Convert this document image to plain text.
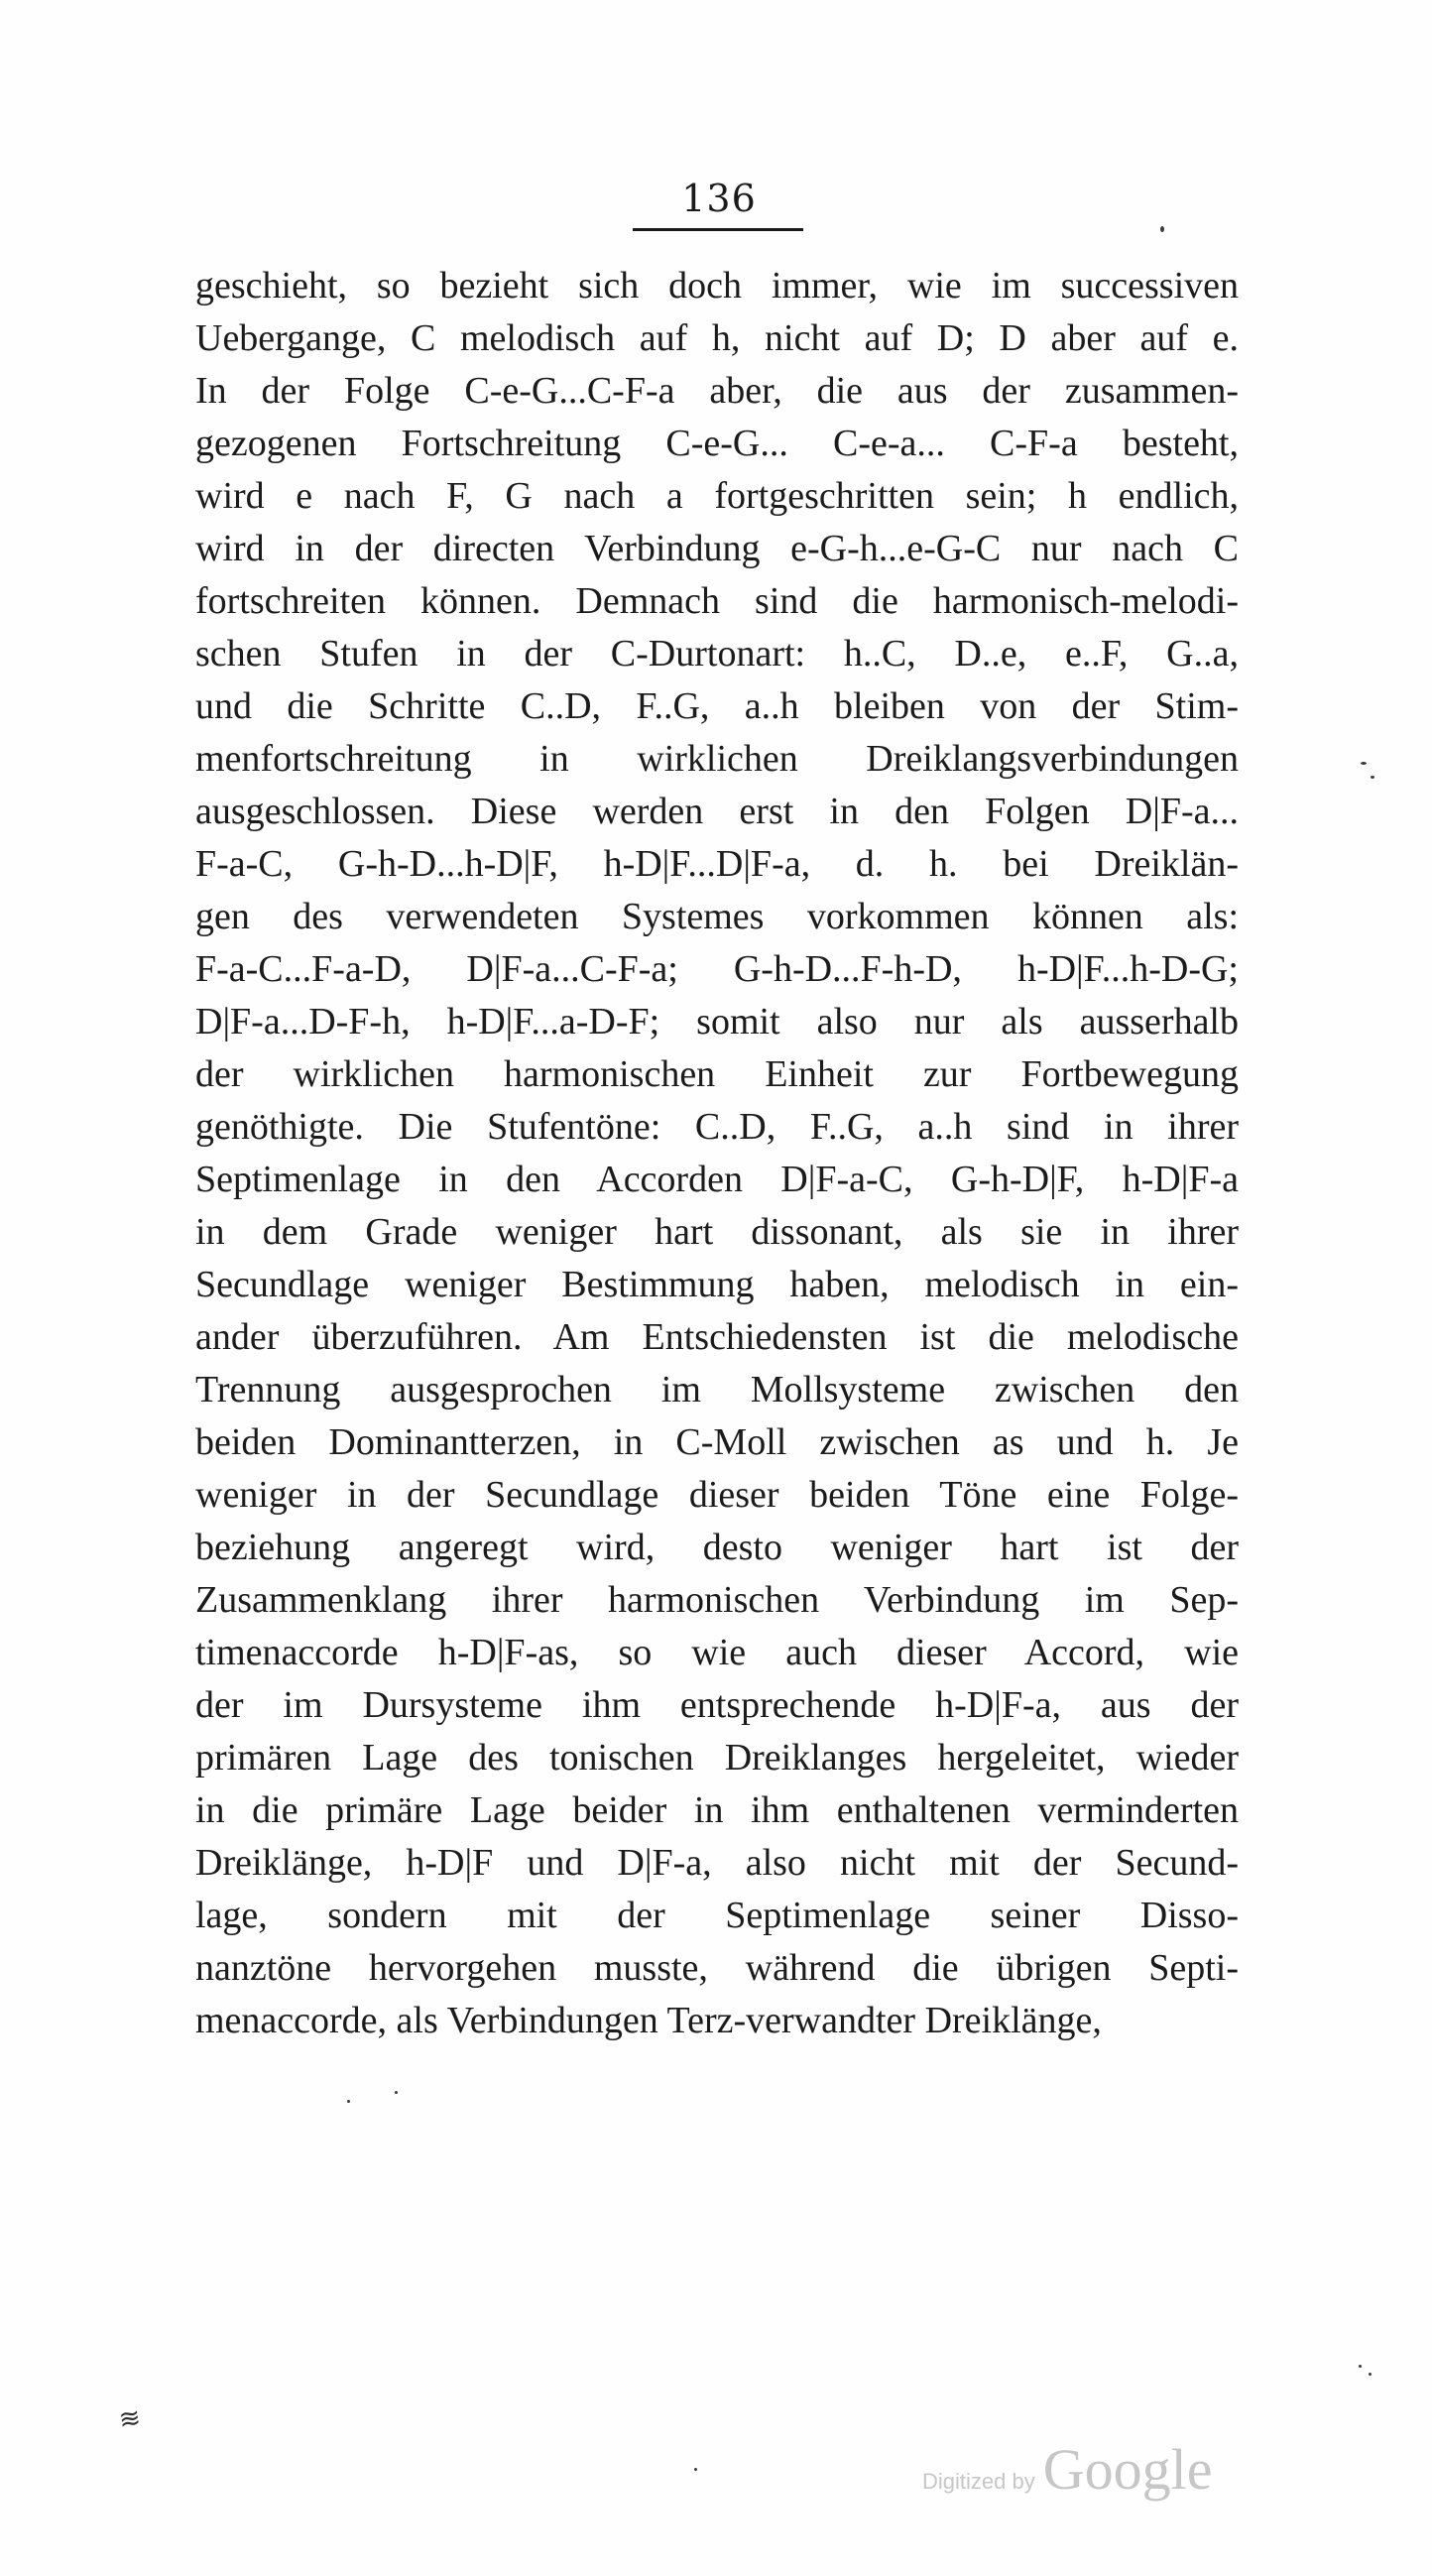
136
geschieht, so bezieht sich doch immer, wie im successiven
Uebergange, C melodisch auf h, nicht auf D; D aber auf e.
In der Folge C-e-G...C-F-a aber, die aus der zusammen-
gezogenen Fortschreitung C-e-G... C-e-a... C-F-a besteht,
wird e nach F, G nach a fortgeschritten sein; h endlich,
wird in der directen Verbindung e-G-h...e-G-C nur nach C
fortschreiten können. Demnach sind die harmonisch-melodi-
schen Stufen in der C-Durtonart: h..C, D..e, e..F, G..a,
und die Schritte C..D, F..G, a..h bleiben von der Stim-
menfortschreitung in wirklichen Dreiklangsverbindungen
ausgeschlossen. Diese werden erst in den Folgen D|F-a...
F-a-C, G-h-D...h-D|F, h-D|F...D|F-a, d. h. bei Dreiklän-
gen des verwendeten Systemes vorkommen können als:
F-a-C...F-a-D, D|F-a...C-F-a; G-h-D...F-h-D, h-D|F...h-D-G;
D|F-a...D-F-h, h-D|F...a-D-F; somit also nur als ausserhalb
der wirklichen harmonischen Einheit zur Fortbewegung
genöthigte. Die Stufentöne: C..D, F..G, a..h sind in ihrer
Septimenlage in den Accorden D|F-a-C, G-h-D|F, h-D|F-a
in dem Grade weniger hart dissonant, als sie in ihrer
Secundlage weniger Bestimmung haben, melodisch in ein-
ander überzuführen. Am Entschiedensten ist die melodische
Trennung ausgesprochen im Mollsysteme zwischen den
beiden Dominantterzen, in C-Moll zwischen as und h. Je
weniger in der Secundlage dieser beiden Töne eine Folge-
beziehung angeregt wird, desto weniger hart ist der
Zusammenklang ihrer harmonischen Verbindung im Sep-
timenaccorde h-D|F-as, so wie auch dieser Accord, wie
der im Dursysteme ihm entsprechende h-D|F-a, aus der
primären Lage des tonischen Dreiklanges hergeleitet, wieder
in die primäre Lage beider in ihm enthaltenen verminderten
Dreiklänge, h-D|F und D|F-a, also nicht mit der Secund-
lage, sondern mit der Septimenlage seiner Disso-
nanztöne hervorgehen musste, während die übrigen Septi-
menaccorde, als Verbindungen Terz-verwandter Dreiklänge,
≋
Digitized by Google
